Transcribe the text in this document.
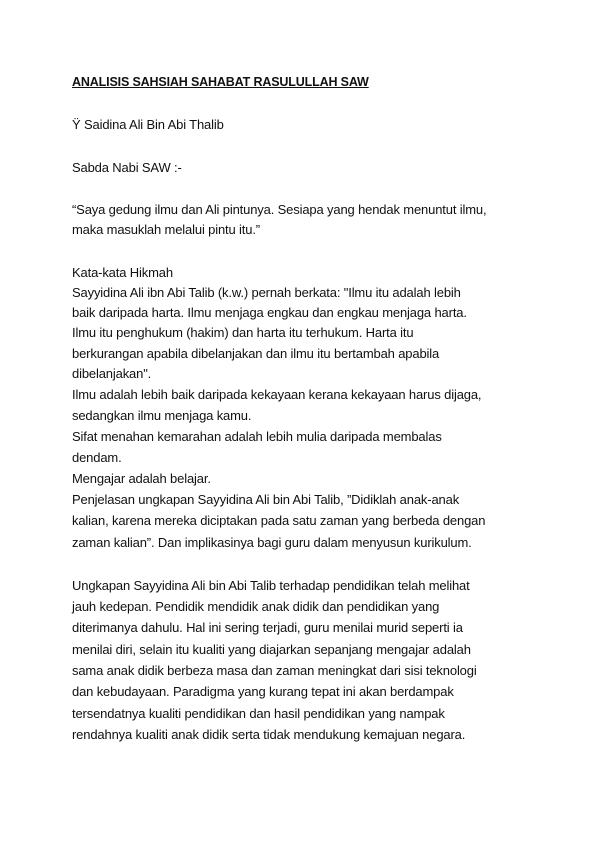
ANALISIS SAHSIAH SAHABAT RASULULLAH SAW
Ÿ Saidina Ali Bin Abi Thalib
Sabda Nabi SAW :-
“Saya gedung ilmu dan Ali pintunya. Sesiapa yang hendak menuntut ilmu,
maka masuklah melalui pintu itu.”
Kata-kata Hikmah
Sayyidina Ali ibn Abi Talib (k.w.) pernah berkata: "Ilmu itu adalah lebih
baik daripada harta. Ilmu menjaga engkau dan engkau menjaga harta.
Ilmu itu penghukum (hakim) dan harta itu terhukum. Harta itu
berkurangan apabila dibelanjakan dan ilmu itu bertambah apabila
dibelanjakan".
Ilmu adalah lebih baik daripada kekayaan kerana kekayaan harus dijaga,
sedangkan ilmu menjaga kamu.
Sifat menahan kemarahan adalah lebih mulia daripada membalas
dendam.
Mengajar adalah belajar.
Penjelasan ungkapan Sayyidina Ali bin Abi Talib, ”Didiklah anak-anak
kalian, karena mereka diciptakan pada satu zaman yang berbeda dengan
zaman kalian”. Dan implikasinya bagi guru dalam menyusun kurikulum.
Ungkapan Sayyidina Ali bin Abi Talib terhadap pendidikan telah melihat
jauh kedepan. Pendidik mendidik anak didik dan pendidikan yang
diterimanya dahulu. Hal ini sering terjadi, guru menilai murid seperti ia
menilai diri, selain itu kualiti yang diajarkan sepanjang mengajar adalah
sama anak didik berbeza masa dan zaman meningkat dari sisi teknologi
dan kebudayaan. Paradigma yang kurang tepat ini akan berdampak
tersendatnya kualiti pendidikan dan hasil pendidikan yang nampak
rendahnya kualiti anak didik serta tidak mendukung kemajuan negara.
